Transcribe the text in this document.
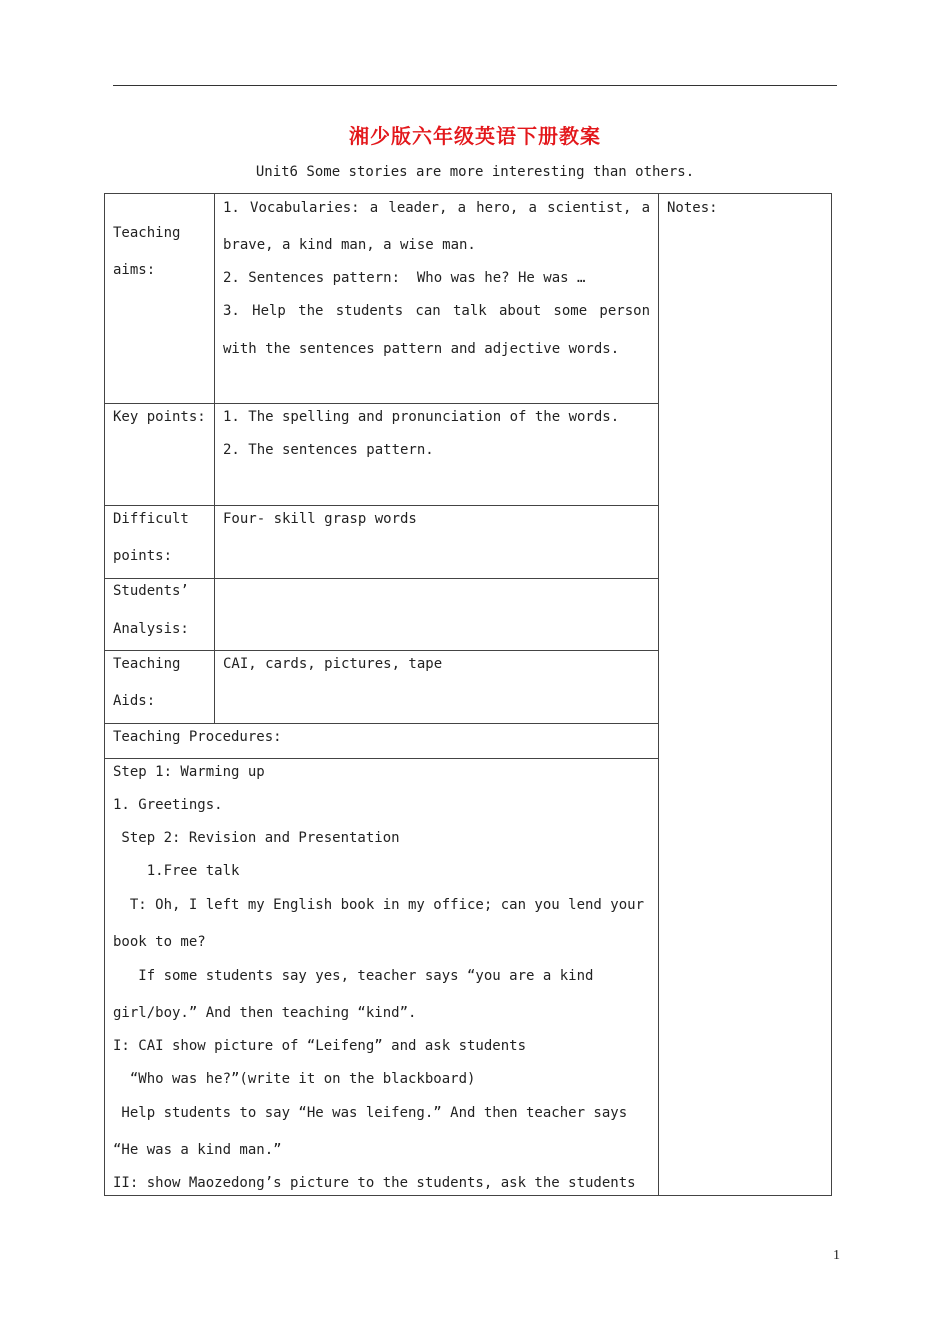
湘少版六年级英语下册教案
Unit6 Some stories are more interesting than others.
Notes:
Teaching
aims:
1. Vocabularies: a leader, a hero, a scientist, a
brave, a kind man, a wise man.
2. Sentences pattern:  Who was he? He was …
3. Help the students can talk about some person
with the sentences pattern and adjective words.
Key points: 1. The spelling and pronunciation of the words.
2. The sentences pattern.
Difficult
points:
Four- skill grasp words
Students’
Analysis:
Teaching
Aids:
CAI, cards, pictures, tape
Teaching Procedures:
Step 1: Warming up
1. Greetings.
Step 2: Revision and Presentation
1.Free talk
T: Oh, I left my English book in my office; can you lend your
book to me?
If some students say yes, teacher says “you are a kind
girl/boy.” And then teaching “kind”.
I: CAI show picture of “Leifeng” and ask students
“Who was he?”(write it on the blackboard)
Help students to say “He was leifeng.” And then teacher says
“He was a kind man.”
II: show Maozedong’s picture to the students, ask the students
1
